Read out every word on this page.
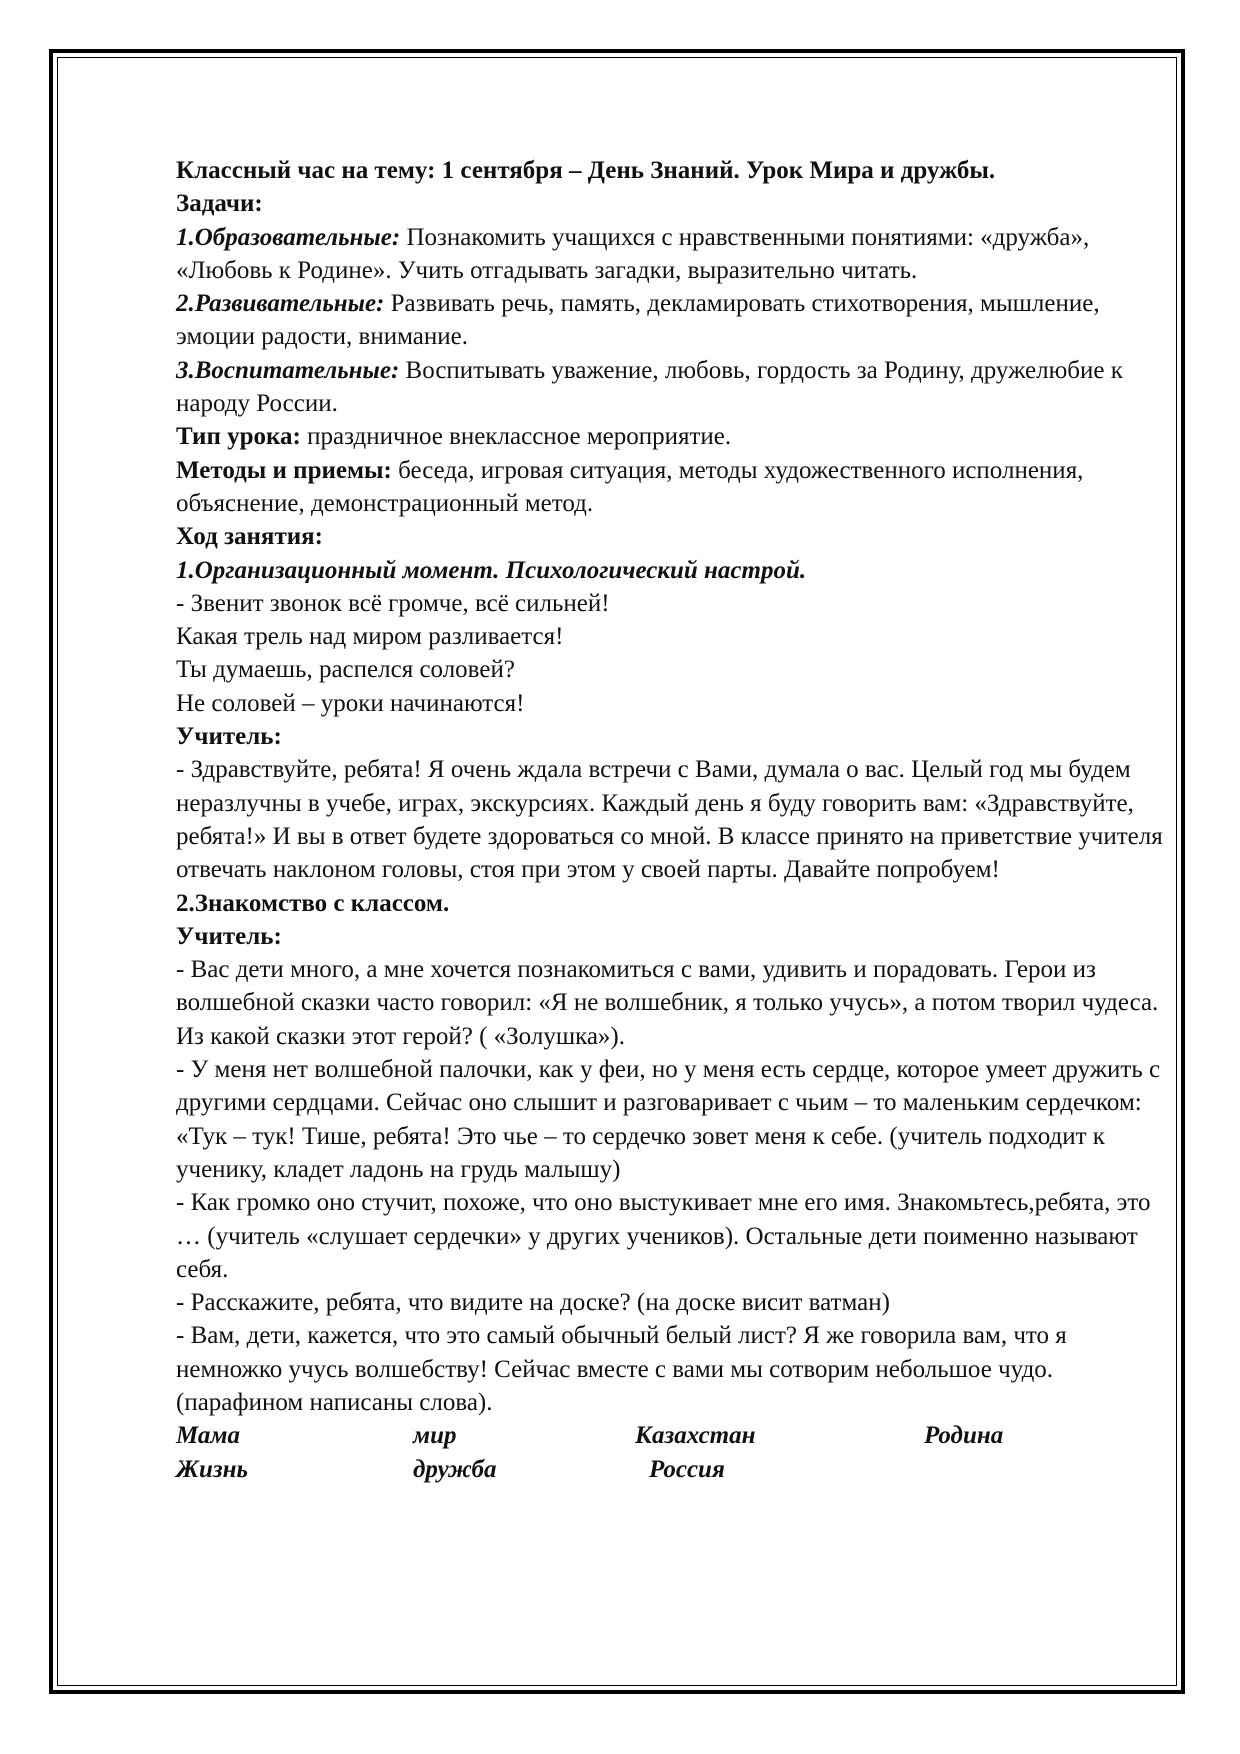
Классный час на тему: 1 сентября – День Знаний. Урок Мира и дружбы.

Задачи:

1.Образовательные: Познакомить учащихся с нравственными понятиями: «дружба», «Любовь к Родине». Учить отгадывать загадки, выразительно читать.

2.Развивательные: Развивать речь, память, декламировать стихотворения, мышление, эмоции радости, внимание.

3.Воспитательные: Воспитывать уважение, любовь, гордость за Родину, дружелюбие к народу России.

Тип урока: праздничное внеклассное мероприятие.

Методы и приемы: беседа, игровая ситуация, методы художественного исполнения, объяснение, демонстрационный метод.

Ход занятия:

1.Организационный момент. Психологический настрой.

- Звенит звонок всё громче, всё сильней!

Какая трель над миром разливается!

Ты думаешь, распелся соловей?

Не соловей – уроки начинаются!

Учитель:

- Здравствуйте, ребята! Я очень ждала встречи с Вами, думала о вас. Целый год мы будем неразлучны в учебе, играх, экскурсиях. Каждый день я буду говорить вам: «Здравствуйте, ребята!» И вы в ответ будете здороваться со мной. В классе принято на приветствие учителя отвечать наклоном головы, стоя при этом у своей парты. Давайте попробуем!

2.Знакомство с классом.

Учитель:

- Вас дети много, а мне хочется познакомиться с вами, удивить и порадовать. Герои из волшебной сказки часто говорил: «Я не волшебник, я только учусь», а потом творил чудеса. Из какой сказки этот герой? ( «Золушка»).

- У меня нет волшебной палочки, как у феи, но у меня есть сердце, которое умеет дружить с другими сердцами. Сейчас оно слышит и разговаривает с чьим – то маленьким сердечком: «Тук – тук! Тише, ребята! Это чье – то сердечко зовет меня к себе. (учитель подходит к ученику, кладет ладонь на грудь малышу)

- Как громко оно стучит, похоже, что оно выстукивает мне его имя. Знакомьтесь,ребята, это … (учитель «слушает сердечки» у других учеников). Остальные дети поименно называют себя.

- Расскажите, ребята, что видите на доске? (на доске висит ватман)

- Вам, дети, кажется, что это самый обычный белый лист? Я же говорила вам, что я немножко учусь волшебству! Сейчас вместе с вами мы сотворим небольшое чудо. (парафином написаны слова).

Мама	мир	Казахстан	Родина
Жизнь	дружба	Россия
